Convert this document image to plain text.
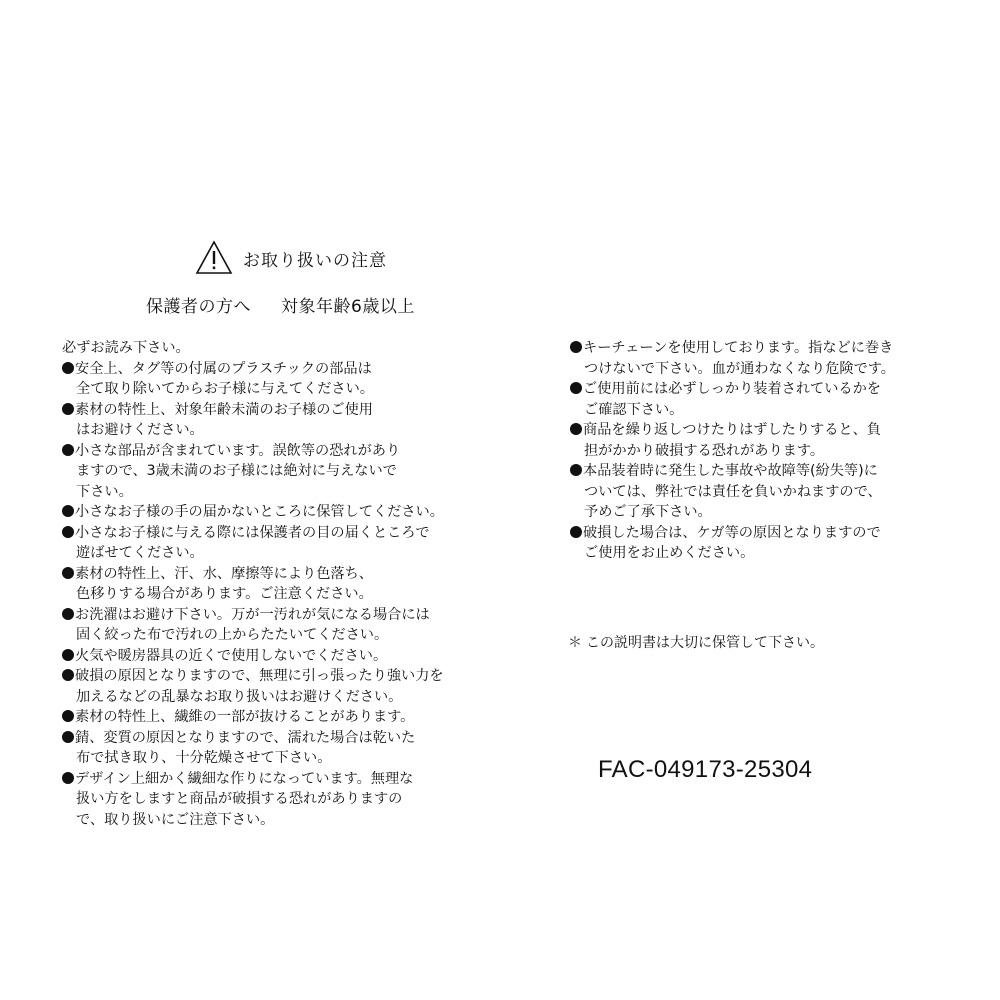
お取り扱いの注意
保護者の方へ 対象年齢6歳以上
必ずお読み下さい。
安全上、タグ等の付属のプラスチックの部品は
全て取り除いてからお子様に与えてください。
素材の特性上、対象年齢未満のお子様のご使用
はお避けください。
小さな部品が含まれています。誤飲等の恐れがあり
ますので、3歳未満のお子様には絶対に与えないで
下さい。
小さなお子様の手の届かないところに保管してください。
小さなお子様に与える際には保護者の目の届くところで
遊ばせてください。
素材の特性上、汗、水、摩擦等により色落ち、
色移りする場合があります。ご注意ください。
お洗濯はお避け下さい。万が一汚れが気になる場合には
固く絞った布で汚れの上からたたいてください。
火気や暖房器具の近くで使用しないでください。
破損の原因となりますので、無理に引っ張ったり強い力を
加えるなどの乱暴なお取り扱いはお避けください。
素材の特性上、繊維の一部が抜けることがあります。
錆、変質の原因となりますので、濡れた場合は乾いた
布で拭き取り、十分乾燥させて下さい。
デザイン上細かく繊細な作りになっています。無理な
扱い方をしますと商品が破損する恐れがありますの
で、取り扱いにご注意下さい。
キーチェーンを使用しております。指などに巻き
つけないで下さい。血が通わなくなり危険です。
ご使用前には必ずしっかり装着されているかを
ご確認下さい。
商品を繰り返しつけたりはずしたりすると、負
担がかかり破損する恐れがあります。
本品装着時に発生した事故や故障等(紛失等)に
ついては、弊社では責任を負いかねますので、
予めご了承下さい。
破損した場合は、ケガ等の原因となりますので
ご使用をお止めください。
＊ この説明書は大切に保管して下さい。
FAC-049173-25304
